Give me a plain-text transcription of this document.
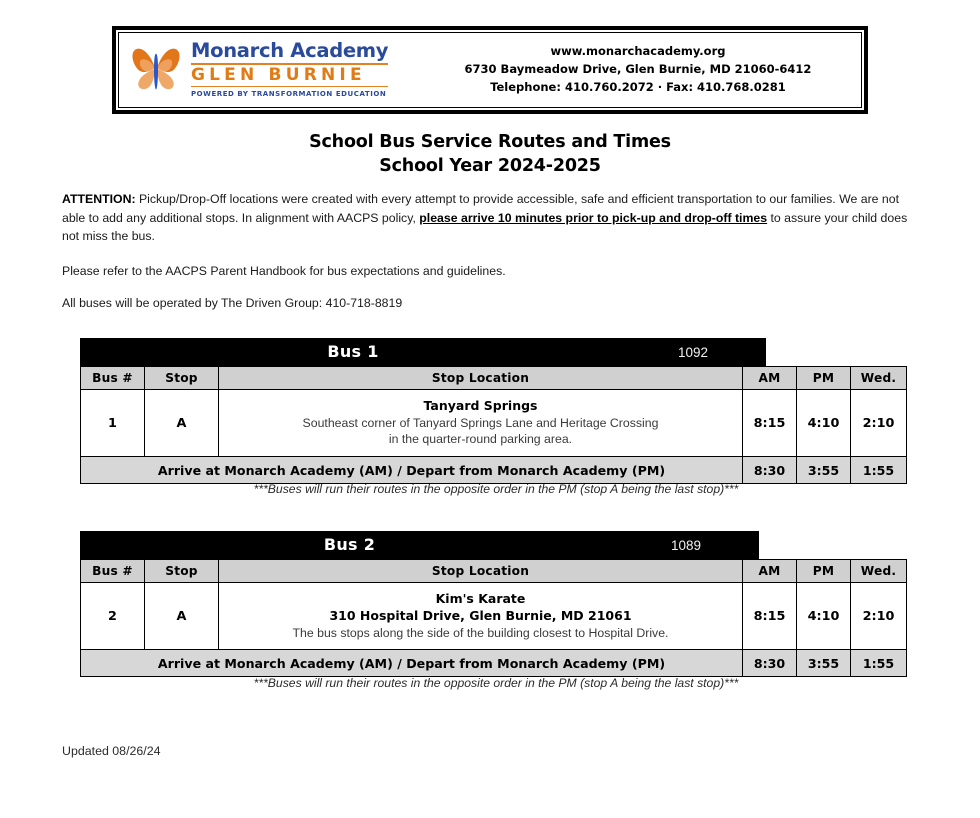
Monarch Academy
GLEN BURNIE
POWERED BY TRANSFORMATION EDUCATION
www.monarchacademy.org
6730 Baymeadow Drive, Glen Burnie, MD 21060-6412
Telephone: 410.760.2072 · Fax: 410.768.0281
School Bus Service Routes and Times
School Year 2024-2025

ATTENTION: Pickup/Drop-Off locations were created with every attempt to provide accessible, safe and efficient transportation to our families. We are not able to add any additional stops. In alignment with AACPS policy, please arrive 10 minutes prior to pick-up and drop-off times to assure your child does not miss the bus.

Please refer to the AACPS Parent Handbook for bus expectations and guidelines.

All buses will be operated by The Driven Group: 410-718-8819

Bus 1	1092
Bus #	Stop	Stop Location	AM	PM	Wed.
1	A	Tanyard Springs
Southeast corner of Tanyard Springs Lane and Heritage Crossing
in the quarter-round parking area.	8:15	4:10	2:10
Arrive at Monarch Academy (AM) / Depart from Monarch Academy (PM)			8:30	3:55	1:55
***Buses will run their routes in the opposite order in the PM (stop A being the last stop)***
Bus 2	1089
Bus #	Stop	Stop Location	AM	PM	Wed.
2	A	Kim's Karate
310 Hospital Drive, Glen Burnie, MD 21061
The bus stops along the side of the building closest to Hospital Drive.	8:15	4:10	2:10
Arrive at Monarch Academy (AM) / Depart from Monarch Academy (PM)			8:30	3:55	1:55
***Buses will run their routes in the opposite order in the PM (stop A being the last stop)***
Updated 08/26/24
